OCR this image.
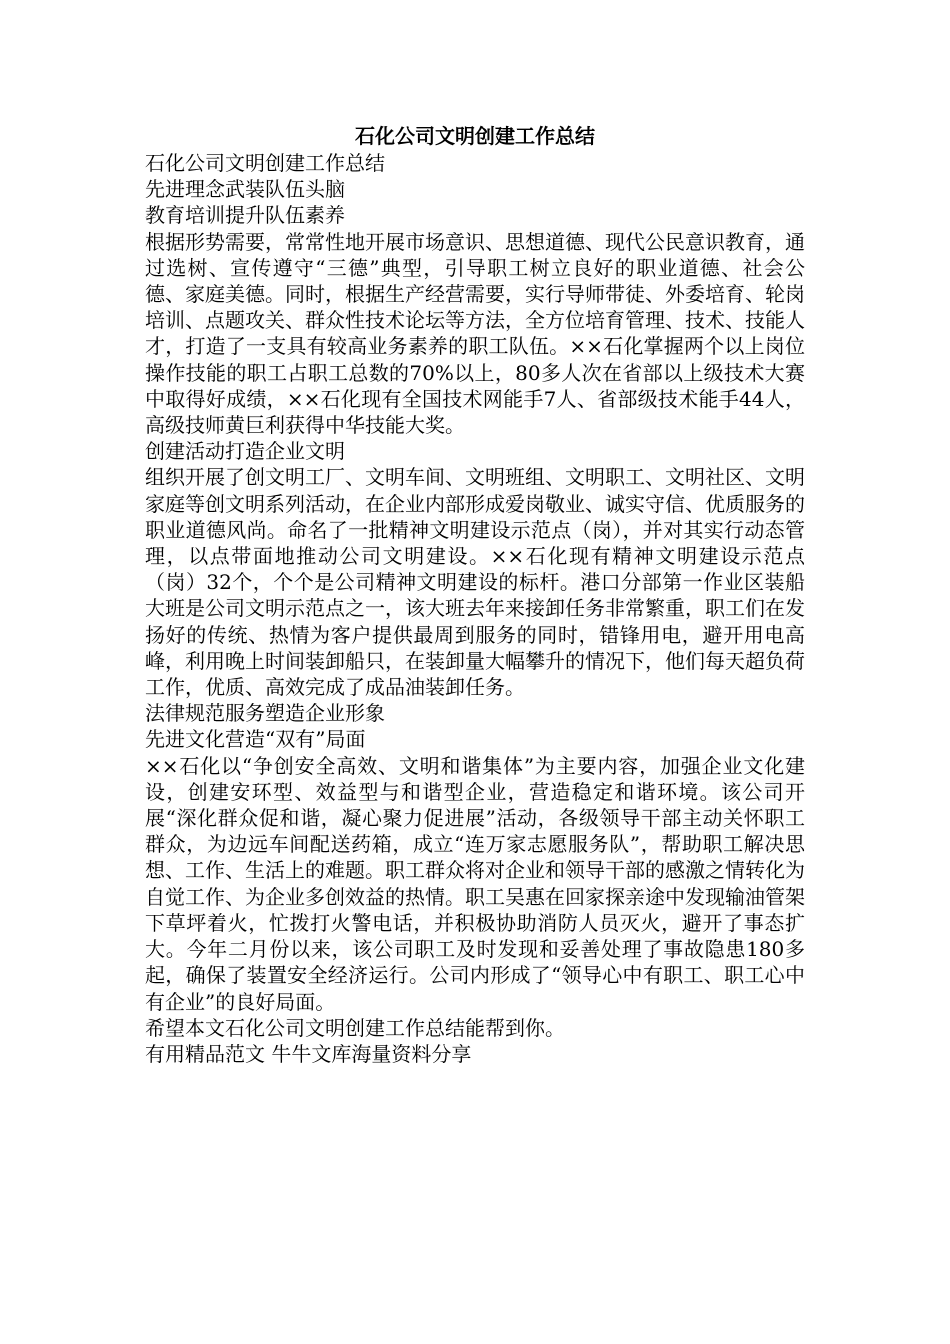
石化公司文明创建工作总结

石化公司文明创建工作总结

先进理念武装队伍头脑

教育培训提升队伍素养

根据形势需要，常常性地开展市场意识、思想道德、现代公民意识教育，通过选树、宣传遵守“三德”典型，引导职工树立良好的职业道德、社会公德、家庭美德。同时，根据生产经营需要，实行导师带徒、外委培育、轮岗培训、点题攻关、群众性技术论坛等方法，全方位培育管理、技术、技能人才，打造了一支具有较高业务素养的职工队伍。××石化掌握两个以上岗位操作技能的职工占职工总数的70%以上，80多人次在省部以上级技术大赛中取得好成绩，××石化现有全国技术网能手7人、省部级技术能手44人，高级技师黄巨利获得中华技能大奖。

创建活动打造企业文明

组织开展了创文明工厂、文明车间、文明班组、文明职工、文明社区、文明家庭等创文明系列活动，在企业内部形成爱岗敬业、诚实守信、优质服务的职业道德风尚。命名了一批精神文明建设示范点（岗），并对其实行动态管理，以点带面地推动公司文明建设。××石化现有精神文明建设示范点（岗）32个，个个是公司精神文明建设的标杆。港口分部第一作业区装船大班是公司文明示范点之一，该大班去年来接卸任务非常繁重，职工们在发扬好的传统、热情为客户提供最周到服务的同时，错锋用电，避开用电高峰，利用晚上时间装卸船只，在装卸量大幅攀升的情况下，他们每天超负荷工作，优质、高效完成了成品油装卸任务。

法律规范服务塑造企业形象

先进文化营造“双有”局面

××石化以“争创安全高效、文明和谐集体”为主要内容，加强企业文化建设，创建安环型、效益型与和谐型企业，营造稳定和谐环境。该公司开展“深化群众促和谐，凝心聚力促进展”活动，各级领导干部主动关怀职工群众，为边远车间配送药箱，成立“连万家志愿服务队”，帮助职工解决思想、工作、生活上的难题。职工群众将对企业和领导干部的感激之情转化为自觉工作、为企业多创效益的热情。职工吴惠在回家探亲途中发现输油管架下草坪着火，忙拨打火警电话，并积极协助消防人员灭火，避开了事态扩大。今年二月份以来，该公司职工及时发现和妥善处理了事故隐患180多起，确保了装置安全经济运行。公司内形成了“领导心中有职工、职工心中有企业”的良好局面。

希望本文石化公司文明创建工作总结能帮到你。

有用精品范文 牛牛文库海量资料分享
